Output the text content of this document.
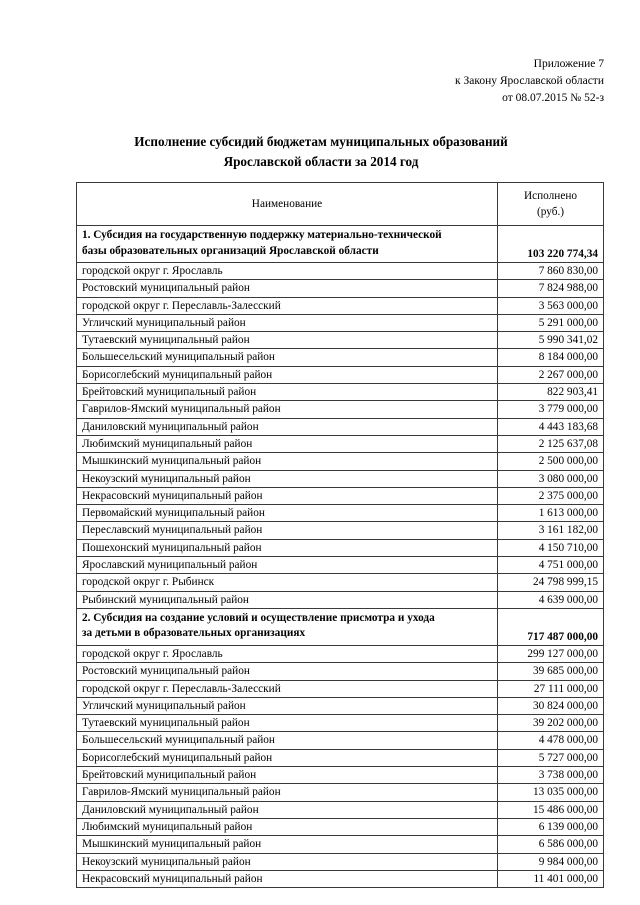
Приложение 7
к Закону Ярославской области
от 08.07.2015 № 52-з
Исполнение субсидий бюджетам муниципальных образований
Ярославской области за 2014 год
Наименование	Исполнено
(руб.)

1. Субсидия на государственную поддержку материально-технической
базы образовательных организаций Ярославской области	103 220 774,34
городской округ г. Ярославль	7 860 830,00
Ростовский муниципальный район	7 824 988,00
городской округ г. Переславль-Залесский	3 563 000,00
Угличский муниципальный район	5 291 000,00
Тутаевский муниципальный район	5 990 341,02
Большесельский муниципальный район	8 184 000,00
Борисоглебский муниципальный район	2 267 000,00
Брейтовский муниципальный район	822 903,41
Гаврилов-Ямский муниципальный район	3 779 000,00
Даниловский муниципальный район	4 443 183,68
Любимский муниципальный район	2 125 637,08
Мышкинский муниципальный район	2 500 000,00
Некоузский муниципальный район	3 080 000,00
Некрасовский муниципальный район	2 375 000,00
Первомайский муниципальный район	1 613 000,00
Переславский муниципальный район	3 161 182,00
Пошехонский муниципальный район	4 150 710,00
Ярославский муниципальный район	4 751 000,00
городской округ г. Рыбинск	24 798 999,15
Рыбинский муниципальный район	4 639 000,00

2. Субсидия на создание условий и осуществление присмотра и ухода
за детьми в образовательных организациях	717 487 000,00
городской округ г. Ярославль	299 127 000,00
Ростовский муниципальный район	39 685 000,00
городской округ г. Переславль-Залесский	27 111 000,00
Угличский муниципальный район	30 824 000,00
Тутаевский муниципальный район	39 202 000,00
Большесельский муниципальный район	4 478 000,00
Борисоглебский муниципальный район	5 727 000,00
Брейтовский муниципальный район	3 738 000,00
Гаврилов-Ямский муниципальный район	13 035 000,00
Даниловский муниципальный район	15 486 000,00
Любимский муниципальный район	6 139 000,00
Мышкинский муниципальный район	6 586 000,00
Некоузский муниципальный район	9 984 000,00
Некрасовский муниципальный район	11 401 000,00
